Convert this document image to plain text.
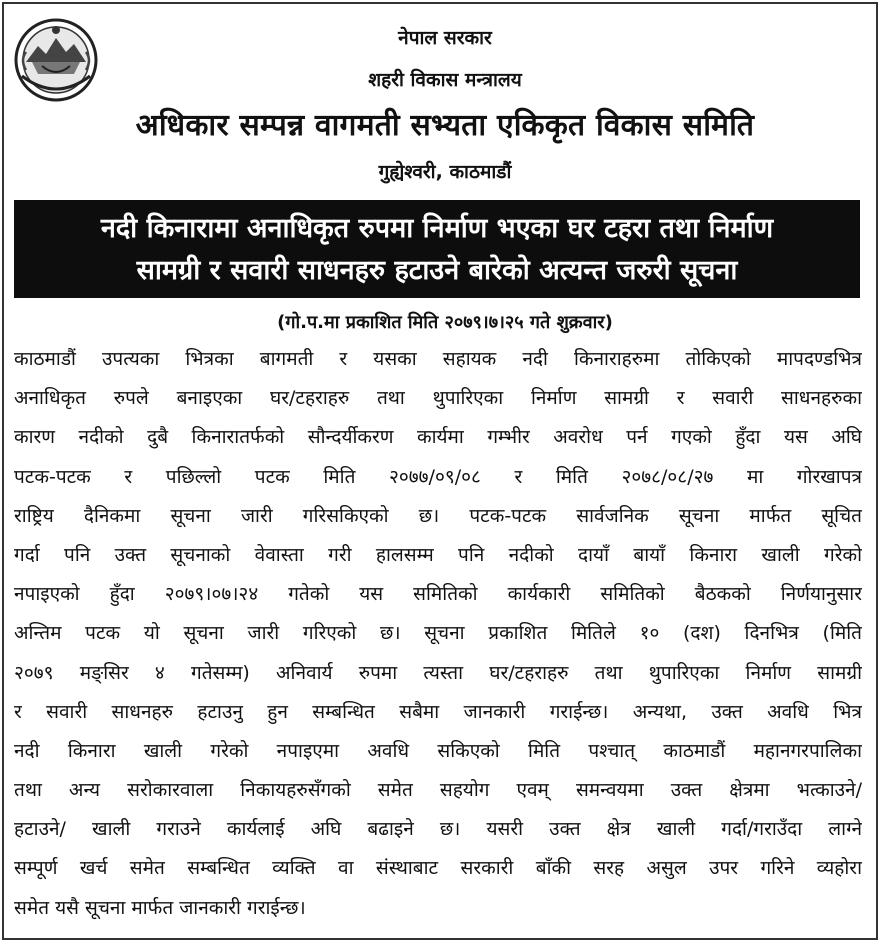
नेपाल सरकार
शहरी विकास मन्त्रालय
अधिकार सम्पन्न वागमती सभ्यता एकिकृत विकास समिति
गुह्येश्वरी, काठमाडौं
नदी किनारामा अनाधिकृत रुपमा निर्माण भएका घर टहरा तथा निर्माण
सामग्री र सवारी साधनहरु हटाउने बारेको अत्यन्त जरुरी सूचना
(गो.प.मा प्रकाशित मिति २०७९।७।२५ गते शुक्रवार)
काठमाडौं उपत्यका भित्रका बागमती र यसका सहायक नदी किनाराहरुमा तोकिएको मापदण्डभित्र
अनाधिकृत रुपले बनाइएका घर/टहराहरु तथा थुपारिएका निर्माण सामग्री र सवारी साधनहरुका
कारण नदीको दुबै किनारातर्फको सौन्दर्यीकरण कार्यमा गम्भीर अवरोध पर्न गएको हुँदा यस अघि
पटक-पटक र पछिल्लो पटक मिति २०७७/०९/०८ र मिति २०७८/०८/२७ मा गोरखापत्र
राष्ट्रिय दैनिकमा सूचना जारी गरिसकिएको छ। पटक-पटक सार्वजनिक सूचना मार्फत सूचित
गर्दा पनि उक्त सूचनाको वेवास्ता गरी हालसम्म पनि नदीको दायाँ बायाँ किनारा खाली गरेको
नपाइएको हुँदा २०७९।०७।२४ गतेको यस समितिको कार्यकारी समितिको बैठकको निर्णयानुसार
अन्तिम पटक यो सूचना जारी गरिएको छ। सूचना प्रकाशित मितिले १० (दश) दिनभित्र (मिति
२०७९ मङ्सिर ४ गतेसम्म) अनिवार्य रुपमा त्यस्ता घर/टहराहरु तथा थुपारिएका निर्माण सामग्री
र सवारी साधनहरु हटाउनु हुन सम्बन्धित सबैमा जानकारी गराईन्छ। अन्यथा, उक्त अवधि भित्र
नदी किनारा खाली गरेको नपाइएमा अवधि सकिएको मिति पश्चात् काठमाडौं महानगरपालिका
तथा अन्य सरोकारवाला निकायहरुसँगको समेत सहयोग एवम् समन्वयमा उक्त क्षेत्रमा भत्काउने/
हटाउने/ खाली गराउने कार्यलाई अघि बढाइने छ। यसरी उक्त क्षेत्र खाली गर्दा/गराउँदा लाग्ने
सम्पूर्ण खर्च समेत सम्बन्धित व्यक्ति वा संस्थाबाट सरकारी बाँकी सरह असुल उपर गरिने व्यहोरा
समेत यसै सूचना मार्फत जानकारी गराईन्छ।
